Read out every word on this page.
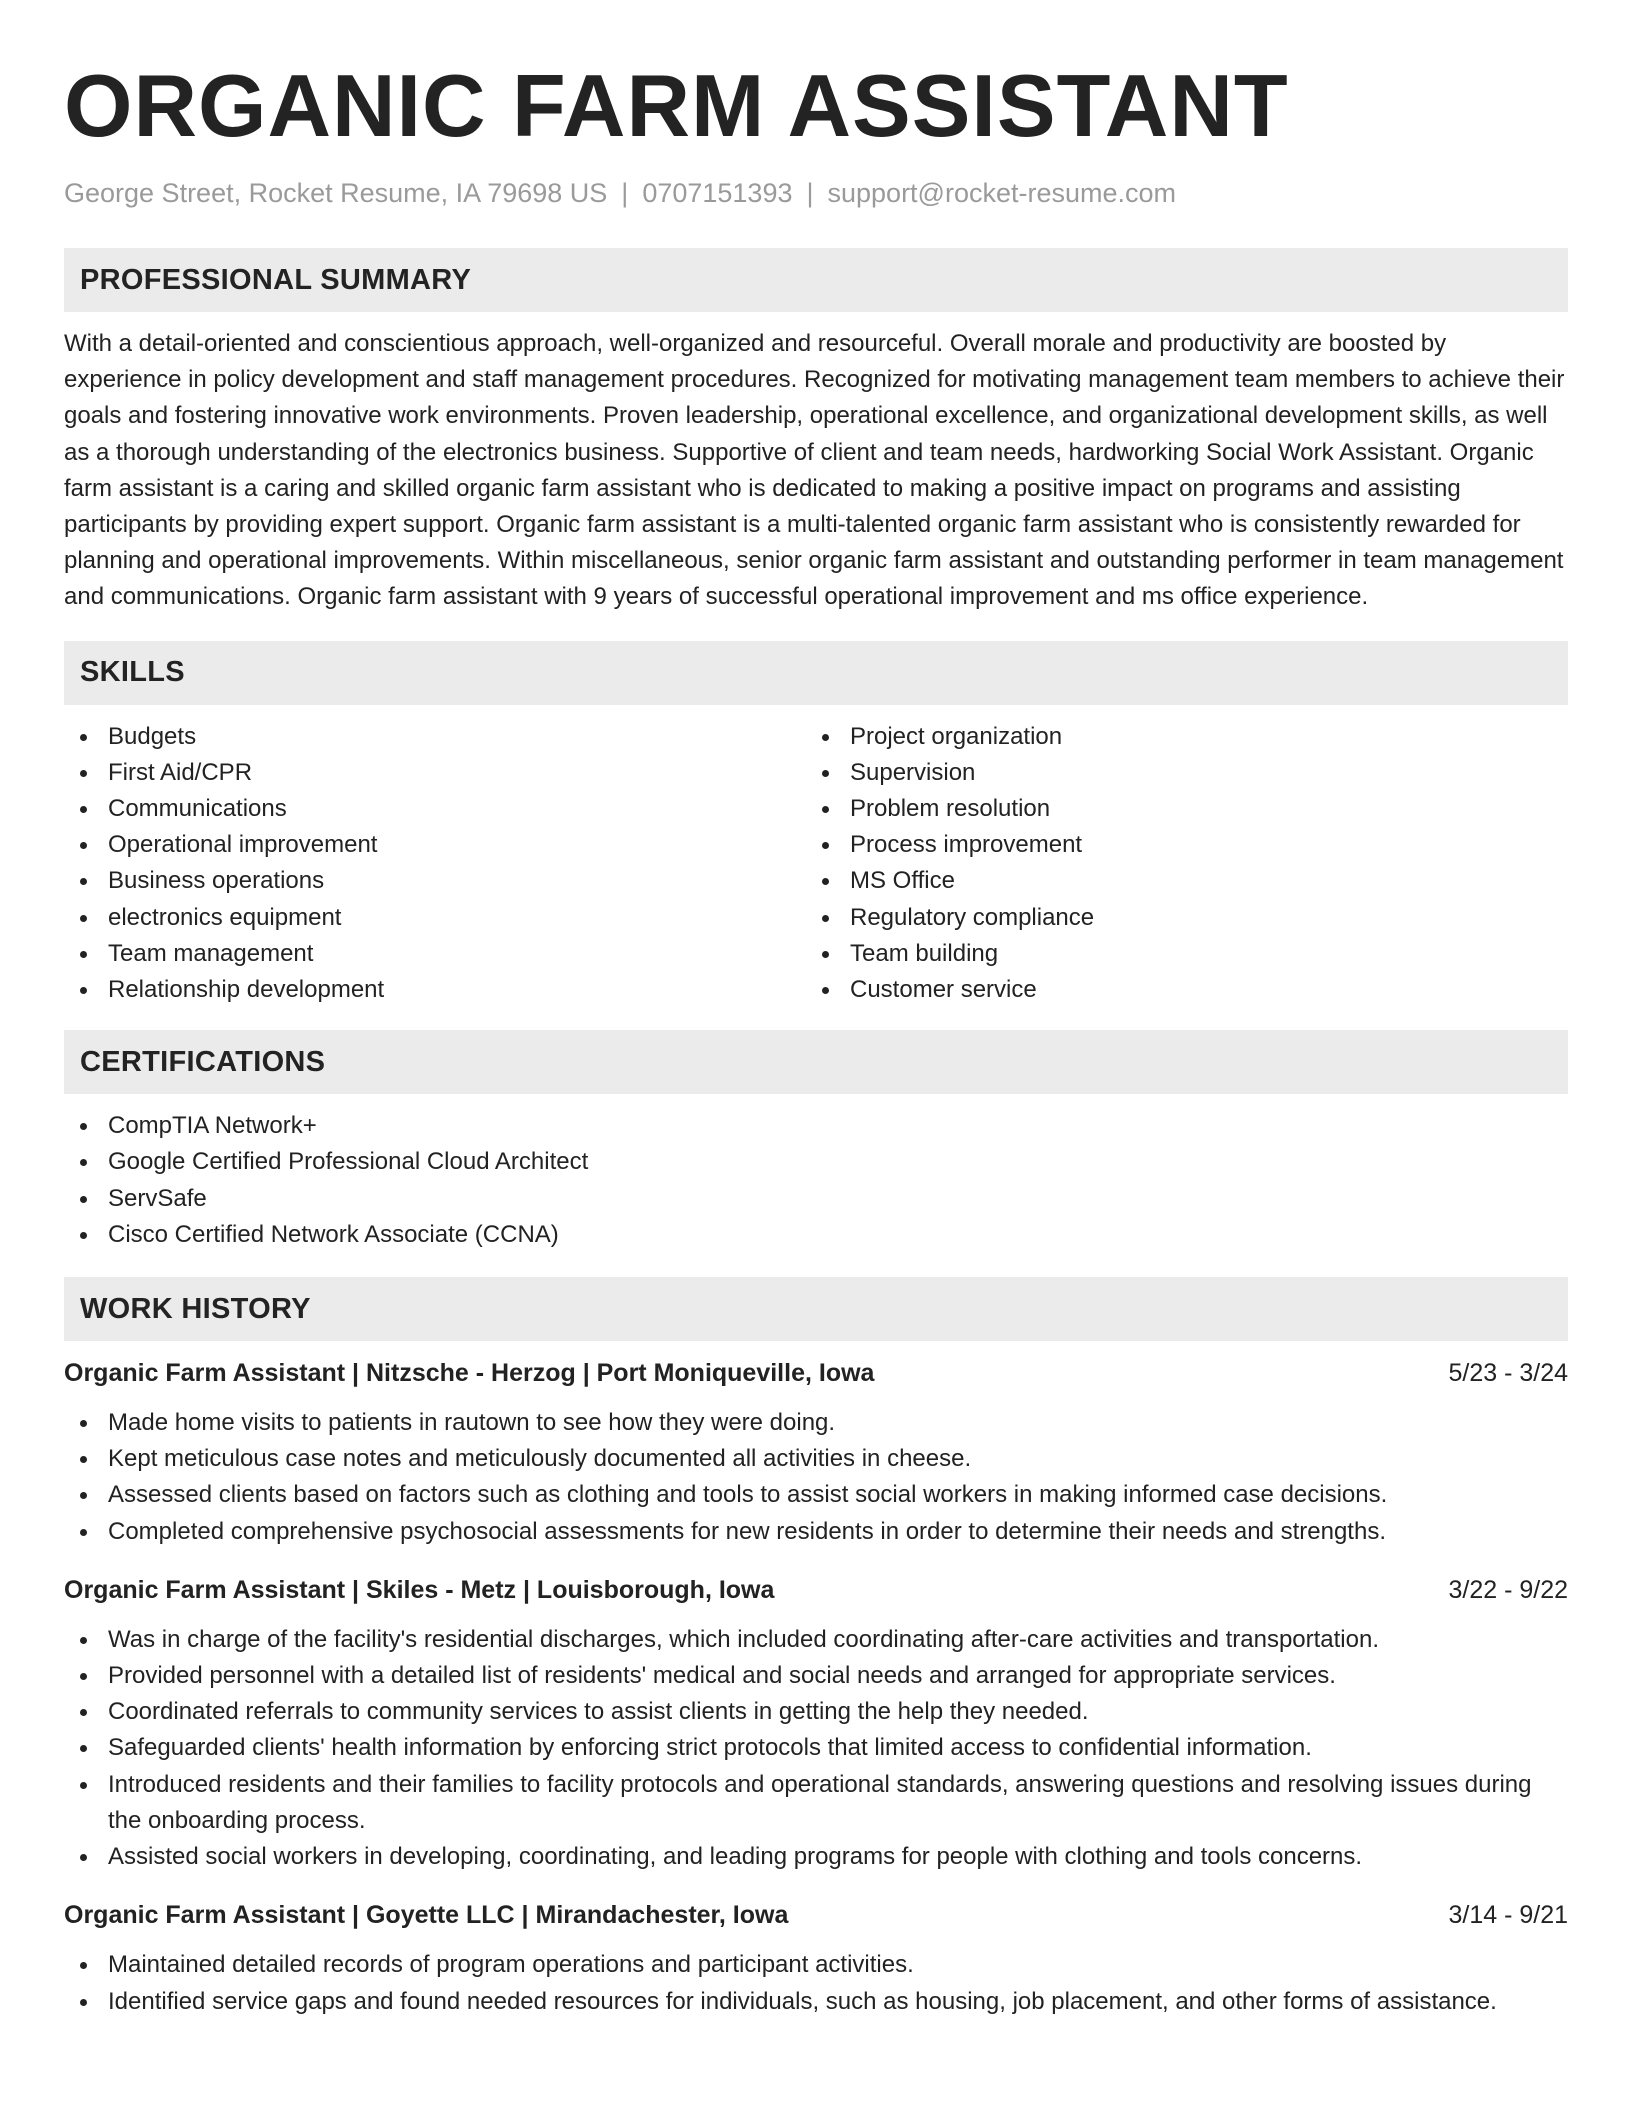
ORGANIC FARM ASSISTANT
George Street, Rocket Resume, IA 79698 US | 0707151393 | support@rocket-resume.com
PROFESSIONAL SUMMARY

With a detail-oriented and conscientious approach, well-organized and resourceful. Overall morale and productivity are boosted by experience in policy development and staff management procedures. Recognized for motivating management team members to achieve their goals and fostering innovative work environments. Proven leadership, operational excellence, and organizational development skills, as well as a thorough understanding of the electronics business. Supportive of client and team needs, hardworking Social Work Assistant. Organic farm assistant is a caring and skilled organic farm assistant who is dedicated to making a positive impact on programs and assisting participants by providing expert support. Organic farm assistant is a multi-talented organic farm assistant who is consistently rewarded for planning and operational improvements. Within miscellaneous, senior organic farm assistant and outstanding performer in team management and communications. Organic farm assistant with 9 years of successful operational improvement and ms office experience.

SKILLS
Budgets
First Aid/CPR
Communications
Operational improvement
Business operations
electronics equipment
Team management
Relationship development
Project organization
Supervision
Problem resolution
Process improvement
MS Office
Regulatory compliance
Team building
Customer service
CERTIFICATIONS
CompTIA Network+
Google Certified Professional Cloud Architect
ServSafe
Cisco Certified Network Associate (CCNA)
WORK HISTORY
Organic Farm Assistant | Nitzsche - Herzog | Port Moniqueville, Iowa	5/23 - 3/24
Made home visits to patients in rautown to see how they were doing.
Kept meticulous case notes and meticulously documented all activities in cheese.
Assessed clients based on factors such as clothing and tools to assist social workers in making informed case decisions.
Completed comprehensive psychosocial assessments for new residents in order to determine their needs and strengths.
Organic Farm Assistant | Skiles - Metz | Louisborough, Iowa	3/22 - 9/22
Was in charge of the facility's residential discharges, which included coordinating after-care activities and transportation.
Provided personnel with a detailed list of residents' medical and social needs and arranged for appropriate services.
Coordinated referrals to community services to assist clients in getting the help they needed.
Safeguarded clients' health information by enforcing strict protocols that limited access to confidential information.
Introduced residents and their families to facility protocols and operational standards, answering questions and resolving issues during the onboarding process.
Assisted social workers in developing, coordinating, and leading programs for people with clothing and tools concerns.
Organic Farm Assistant | Goyette LLC | Mirandachester, Iowa	3/14 - 9/21
Maintained detailed records of program operations and participant activities.
Identified service gaps and found needed resources for individuals, such as housing, job placement, and other forms of assistance.
